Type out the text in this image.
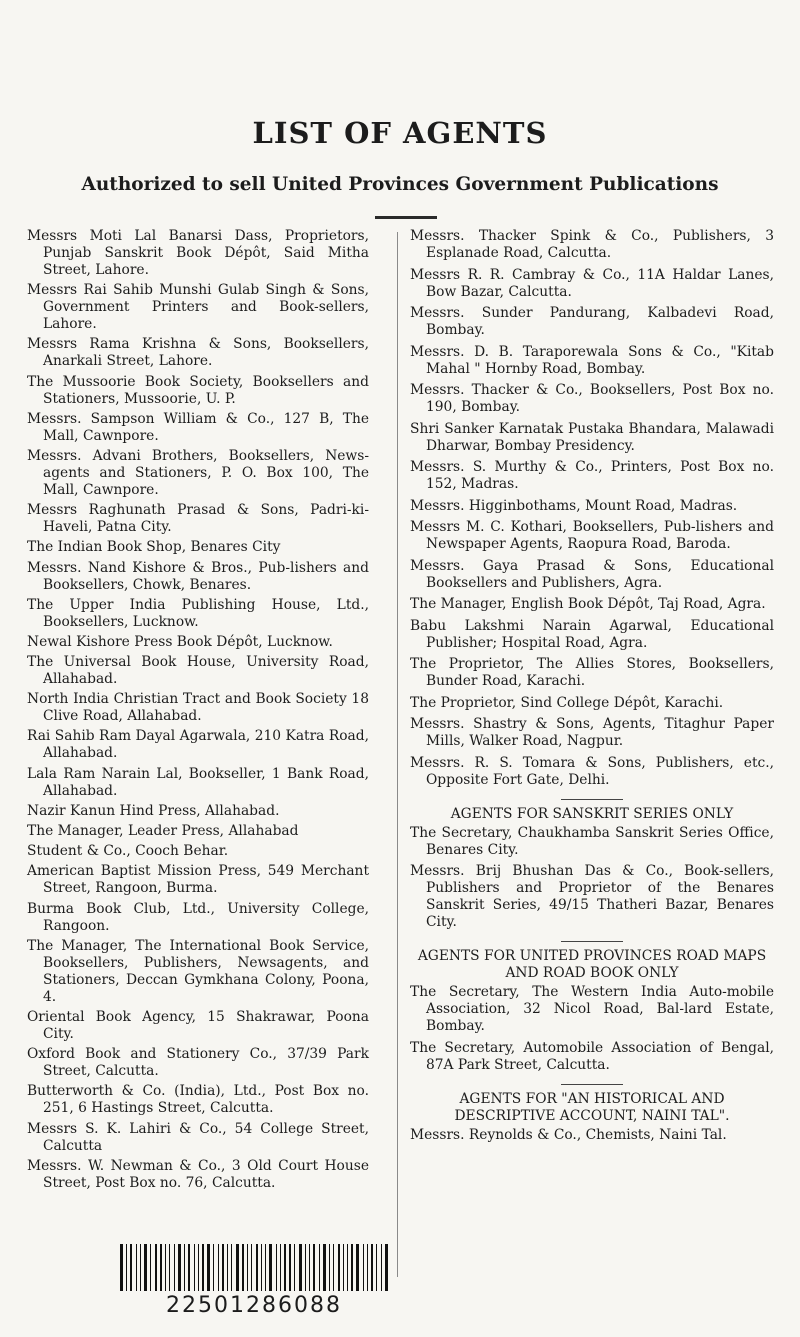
LIST OF AGENTS
Authorized to sell United Provinces Government Publications

Messrs Moti Lal Banarsi Dass, Proprietors, Punjab Sanskrit Book Dépôt, Said Mitha Street, Lahore.

Messrs Rai Sahib Munshi Gulab Singh & Sons, Government Printers and Book-sellers, Lahore.

Messrs Rama Krishna & Sons, Booksellers, Anarkali Street, Lahore.

The Mussoorie Book Society, Booksellers and Stationers, Mussoorie, U. P.

Messrs. Sampson William & Co., 127 B, The Mall, Cawnpore.

Messrs. Advani Brothers, Booksellers, News-agents and Stationers, P. O. Box 100, The Mall, Cawnpore.

Messrs Raghunath Prasad & Sons, Padri-ki-Haveli, Patna City.

The Indian Book Shop, Benares City

Messrs. Nand Kishore & Bros., Pub-lishers and Booksellers, Chowk, Benares.

The Upper India Publishing House, Ltd., Booksellers, Lucknow.

Newal Kishore Press Book Dépôt, Lucknow.

The Universal Book House, University Road, Allahabad.

North India Christian Tract and Book Society 18 Clive Road, Allahabad.

Rai Sahib Ram Dayal Agarwala, 210 Katra Road, Allahabad.

Lala Ram Narain Lal, Bookseller, 1 Bank Road, Allahabad.

Nazir Kanun Hind Press, Allahabad.

The Manager, Leader Press, Allahabad

Student & Co., Cooch Behar.

American Baptist Mission Press, 549 Merchant Street, Rangoon, Burma.

Burma Book Club, Ltd., University College, Rangoon.

The Manager, The International Book Service, Booksellers, Publishers, Newsagents, and Stationers, Deccan Gymkhana Colony, Poona, 4.

Oriental Book Agency, 15 Shakrawar, Poona City.

Oxford Book and Stationery Co., 37/39 Park Street, Calcutta.

Butterworth & Co. (India), Ltd., Post Box no. 251, 6 Hastings Street, Calcutta.

Messrs S. K. Lahiri & Co., 54 College Street, Calcutta

Messrs. W. Newman & Co., 3 Old Court House Street, Post Box no. 76, Calcutta.

Messrs. Thacker Spink & Co., Publishers, 3 Esplanade Road, Calcutta.

Messrs R. R. Cambray & Co., 11A Haldar Lanes, Bow Bazar, Calcutta.

Messrs. Sunder Pandurang, Kalbadevi Road, Bombay.

Messrs. D. B. Taraporewala Sons & Co., "Kitab Mahal " Hornby Road, Bombay.

Messrs. Thacker & Co., Booksellers, Post Box no. 190, Bombay.

Shri Sanker Karnatak Pustaka Bhandara, Malawadi Dharwar, Bombay Presidency.

Messrs. S. Murthy & Co., Printers, Post Box no. 152, Madras.

Messrs. Higginbothams, Mount Road, Madras.

Messrs M. C. Kothari, Booksellers, Pub-lishers and Newspaper Agents, Raopura Road, Baroda.

Messrs. Gaya Prasad & Sons, Educational Booksellers and Publishers, Agra.

The Manager, English Book Dépôt, Taj Road, Agra.

Babu Lakshmi Narain Agarwal, Educational Publisher; Hospital Road, Agra.

The Proprietor, The Allies Stores, Booksellers, Bunder Road, Karachi.

The Proprietor, Sind College Dépôt, Karachi.

Messrs. Shastry & Sons, Agents, Titaghur Paper Mills, Walker Road, Nagpur.

Messrs. R. S. Tomara & Sons, Publishers, etc., Opposite Fort Gate, Delhi.

AGENTS FOR SANSKRIT SERIES ONLY

The Secretary, Chaukhamba Sanskrit Series Office, Benares City.

Messrs. Brij Bhushan Das & Co., Book-sellers, Publishers and Proprietor of the Benares Sanskrit Series, 49/15 Thatheri Bazar, Benares City.

AGENTS FOR UNITED PROVINCES ROAD MAPS AND ROAD BOOK ONLY

The Secretary, The Western India Auto-mobile Association, 32 Nicol Road, Bal-lard Estate, Bombay.

The Secretary, Automobile Association of Bengal, 87A Park Street, Calcutta.

AGENTS FOR "AN HISTORICAL AND DESCRIPTIVE ACCOUNT, NAINI TAL".

Messrs. Reynolds & Co., Chemists, Naini Tal.

22501286088
